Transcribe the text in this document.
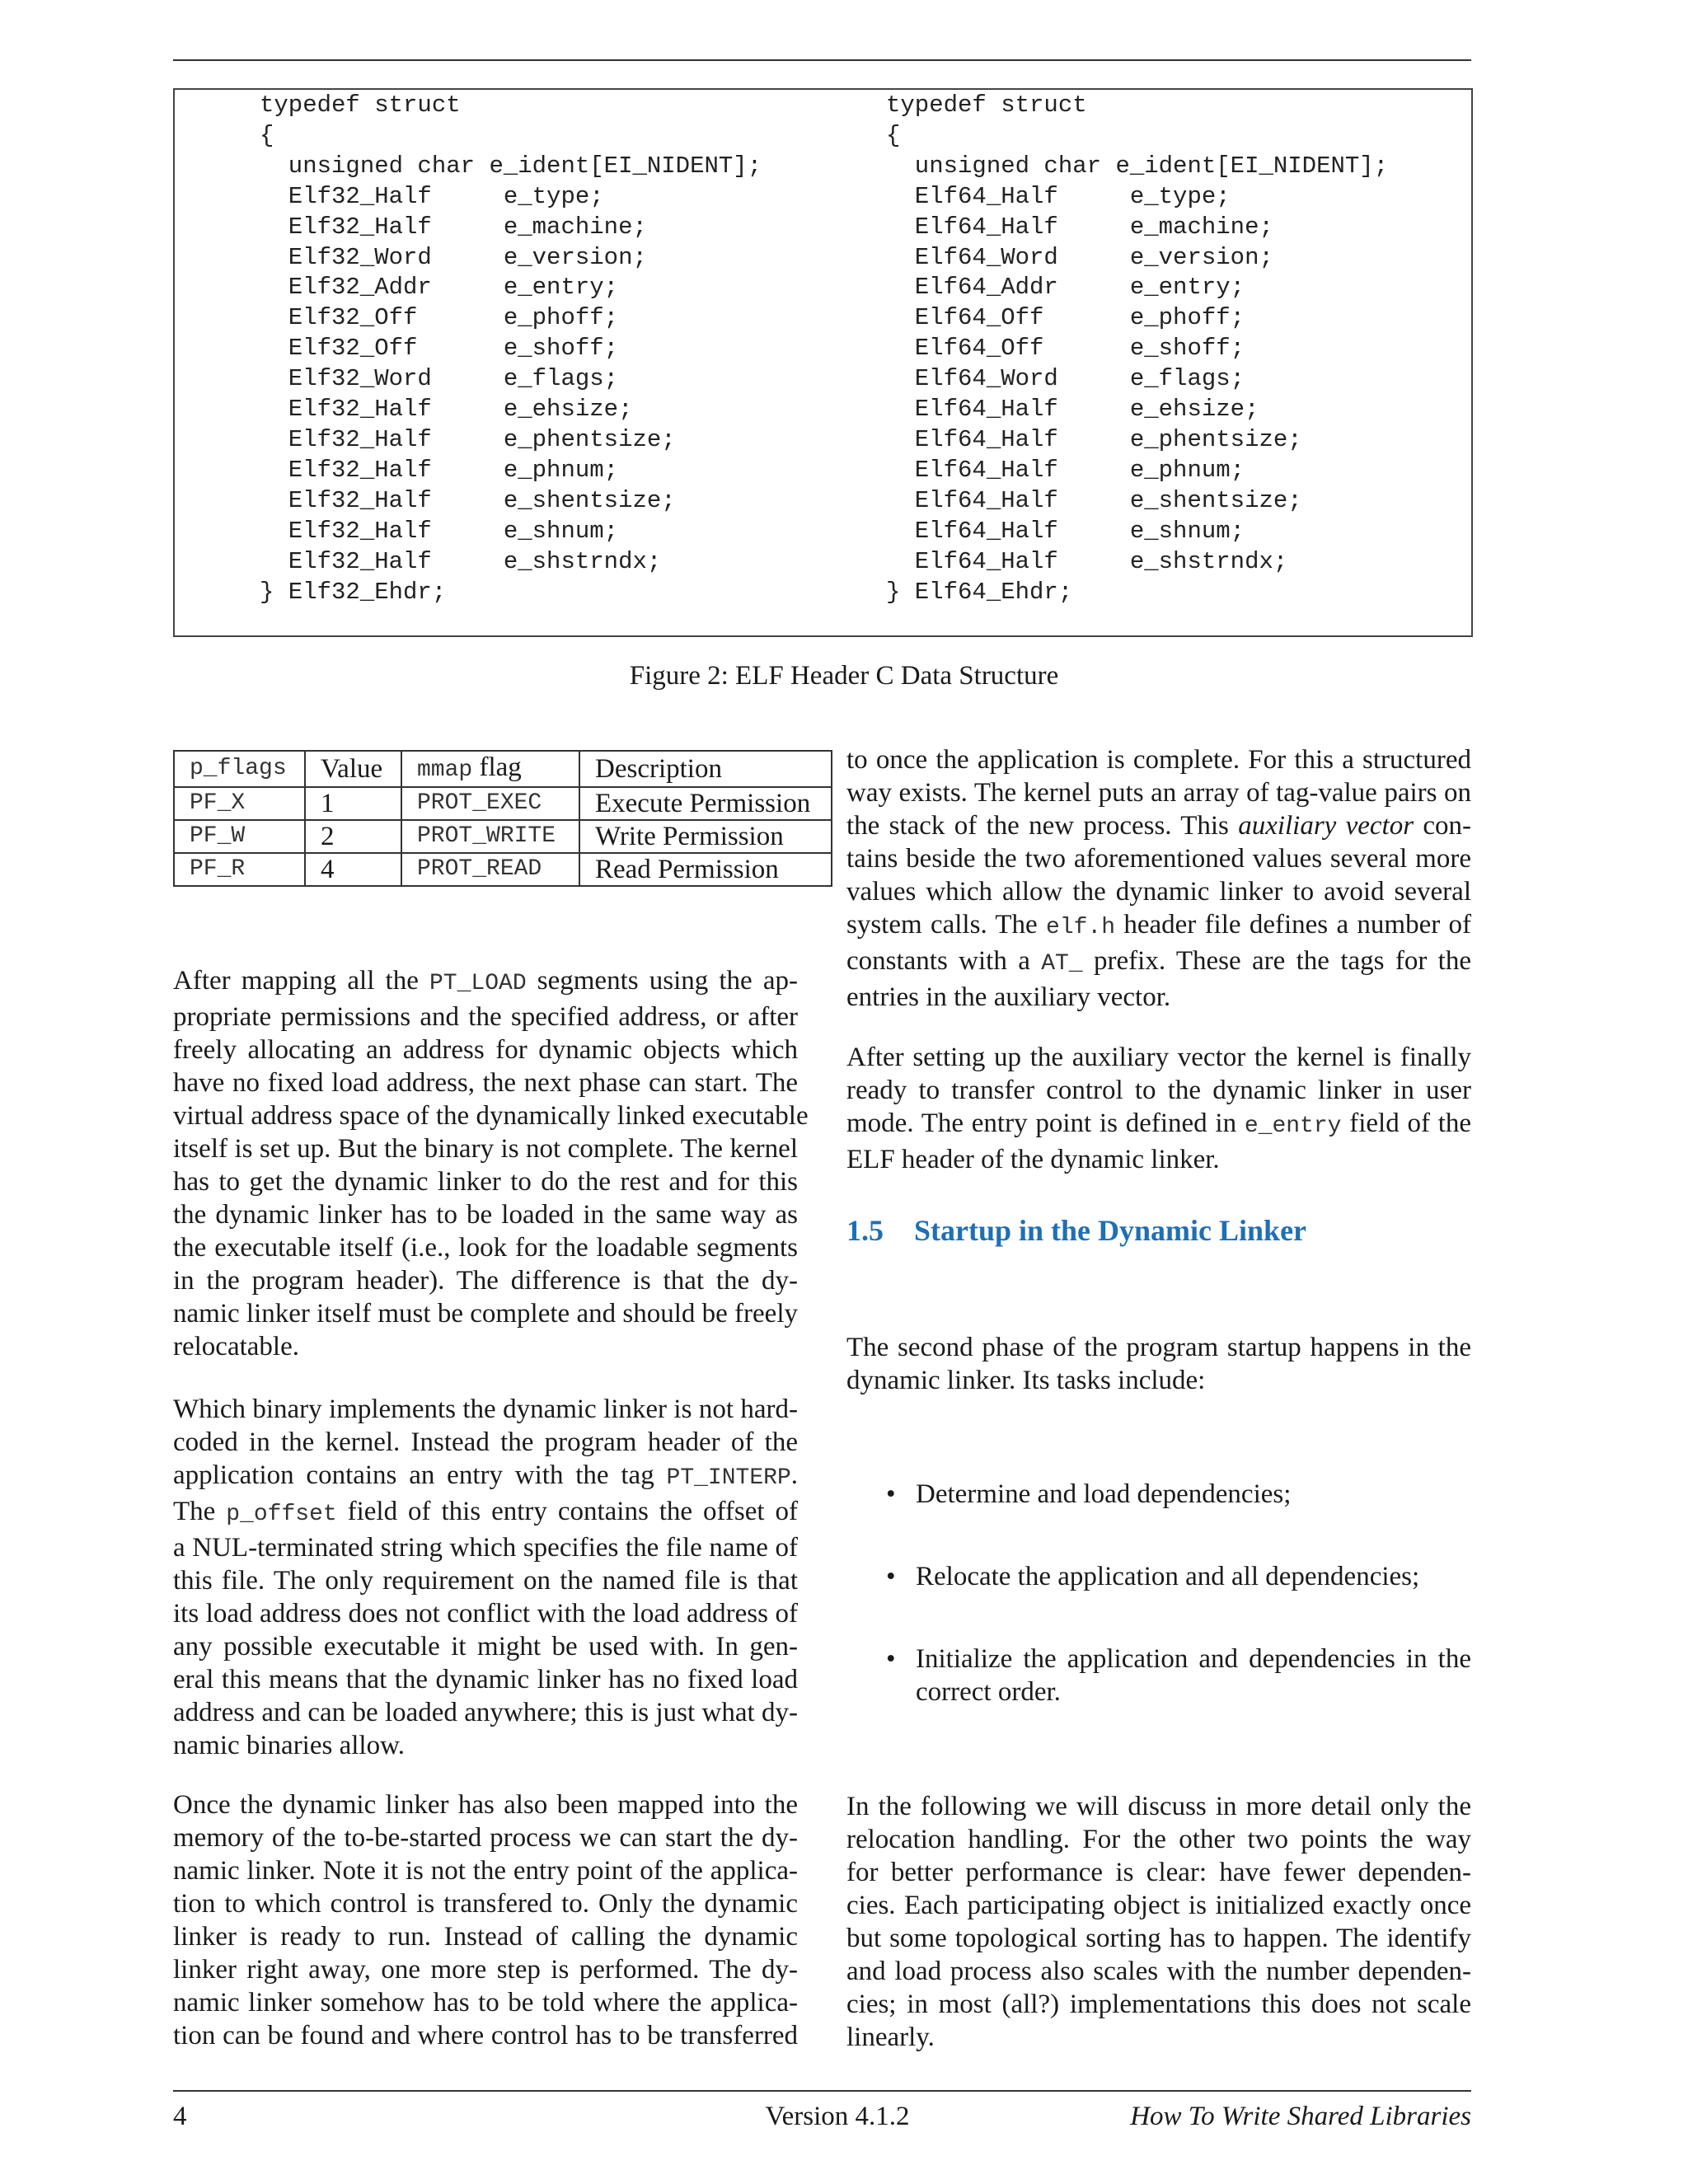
typedef struct
{
unsigned char e_ident[EI_NIDENT];
Elf32_Half     e_type;
Elf32_Half     e_machine;
Elf32_Word     e_version;
Elf32_Addr     e_entry;
Elf32_Off      e_phoff;
Elf32_Off      e_shoff;
Elf32_Word     e_flags;
Elf32_Half     e_ehsize;
Elf32_Half     e_phentsize;
Elf32_Half     e_phnum;
Elf32_Half     e_shentsize;
Elf32_Half     e_shnum;
Elf32_Half     e_shstrndx;
} Elf32_Ehdr;
typedef struct
{
unsigned char e_ident[EI_NIDENT];
Elf64_Half     e_type;
Elf64_Half     e_machine;
Elf64_Word     e_version;
Elf64_Addr     e_entry;
Elf64_Off      e_phoff;
Elf64_Off      e_shoff;
Elf64_Word     e_flags;
Elf64_Half     e_ehsize;
Elf64_Half     e_phentsize;
Elf64_Half     e_phnum;
Elf64_Half     e_shentsize;
Elf64_Half     e_shnum;
Elf64_Half     e_shstrndx;
} Elf64_Ehdr;
Figure 2: ELF Header C Data Structure
p_flags	Value	mmap flag	Description
PF_X	1	PROT_EXEC	Execute Permission
PF_W	2	PROT_WRITE	Write Permission
PF_R	4	PROT_READ	Read Permission
After mapping all the PT_LOAD segments using the ap-
propriate permissions and the specified address, or after
freely allocating an address for dynamic objects which
have no fixed load address, the next phase can start. The
virtual address space of the dynamically linked executable
itself is set up. But the binary is not complete. The kernel
has to get the dynamic linker to do the rest and for this
the dynamic linker has to be loaded in the same way as
the executable itself (i.e., look for the loadable segments
in the program header). The difference is that the dy-
namic linker itself must be complete and should be freely
relocatable.
Which binary implements the dynamic linker is not hard-
coded in the kernel. Instead the program header of the
application contains an entry with the tag PT_INTERP.
The p_offset field of this entry contains the offset of
a NUL-terminated string which specifies the file name of
this file. The only requirement on the named file is that
its load address does not conflict with the load address of
any possible executable it might be used with. In gen-
eral this means that the dynamic linker has no fixed load
address and can be loaded anywhere; this is just what dy-
namic binaries allow.
Once the dynamic linker has also been mapped into the
memory of the to-be-started process we can start the dy-
namic linker. Note it is not the entry point of the applica-
tion to which control is transfered to. Only the dynamic
linker is ready to run. Instead of calling the dynamic
linker right away, one more step is performed. The dy-
namic linker somehow has to be told where the applica-
tion can be found and where control has to be transferred
to once the application is complete. For this a structured
way exists. The kernel puts an array of tag-value pairs on
the stack of the new process. This auxiliary vector con-
tains beside the two aforementioned values several more
values which allow the dynamic linker to avoid several
system calls. The elf.h header file defines a number of
constants with a AT_ prefix. These are the tags for the
entries in the auxiliary vector.
After setting up the auxiliary vector the kernel is finally
ready to transfer control to the dynamic linker in user
mode. The entry point is defined in e_entry field of the
ELF header of the dynamic linker.
1.5 Startup in the Dynamic Linker
The second phase of the program startup happens in the
dynamic linker. Its tasks include:
• Determine and load dependencies;
• Relocate the application and all dependencies;
• Initialize the application and dependencies in the correct order.
In the following we will discuss in more detail only the
relocation handling. For the other two points the way
for better performance is clear: have fewer dependen-
cies. Each participating object is initialized exactly once
but some topological sorting has to happen. The identify
and load process also scales with the number dependen-
cies; in most (all?) implementations this does not scale
linearly.
4	Version 4.1.2	How To Write Shared Libraries
